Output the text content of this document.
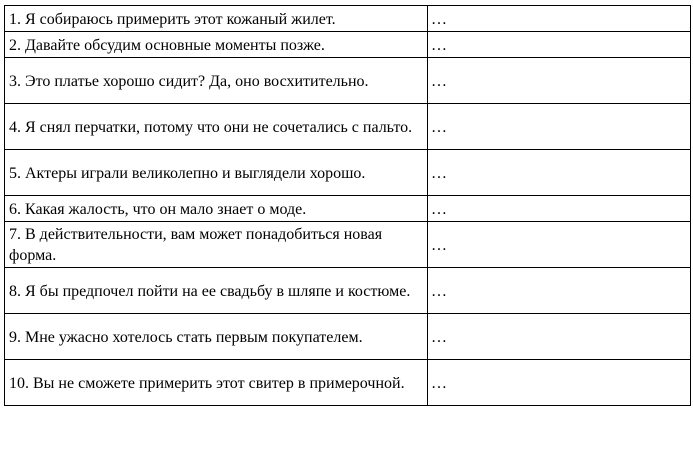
1. Я собираюсь примерить этот кожаный жилет.	…
2. Давайте обсудим основные моменты позже.	…
3. Это платье хорошо сидит? Да, оно восхитительно.	…
4. Я снял перчатки, потому что они не сочетались с пальто.	…
5. Актеры играли великолепно и выглядели хорошо.	…
6. Какая жалость, что он мало знает о моде.	…
7. В действительности, вам может понадобиться новая форма.	…
8. Я бы предпочел пойти на ее свадьбу в шляпе и костюме.	…
9. Мне ужасно хотелось стать первым покупателем.	…
10. Вы не сможете примерить этот свитер в примерочной.	…
